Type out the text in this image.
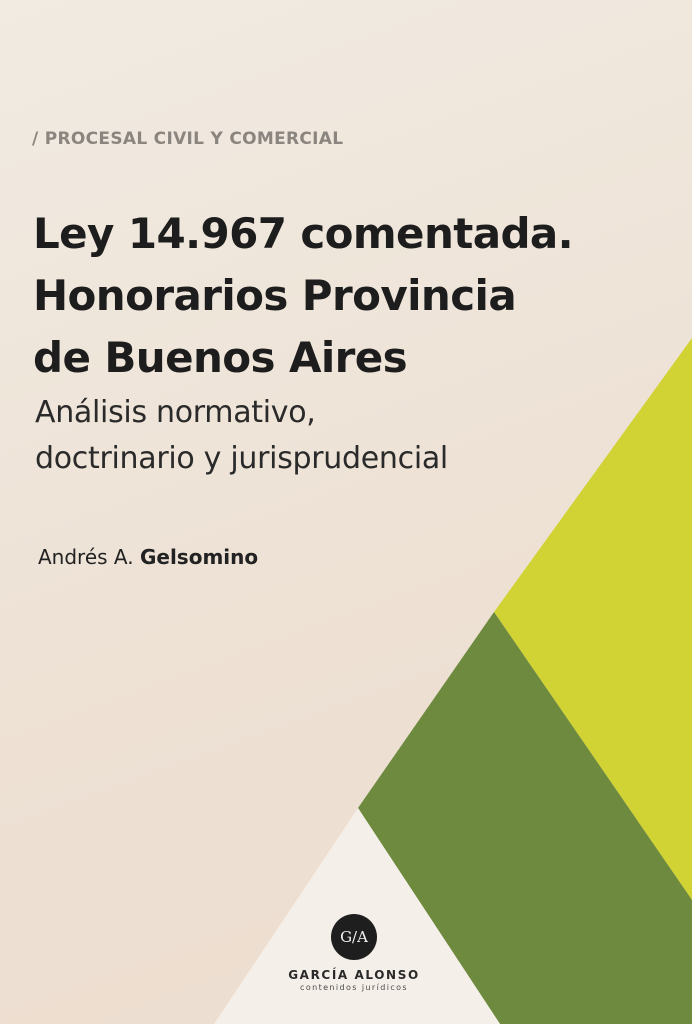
/ PROCESAL CIVIL Y COMERCIAL
Ley 14.967 comentada.
Honorarios Provincia
de Buenos Aires
Análisis normativo,
doctrinario y jurisprudencial
Andrés A. Gelsomino
G/A
GARCÍA ALONSO
contenidos jurídicos
